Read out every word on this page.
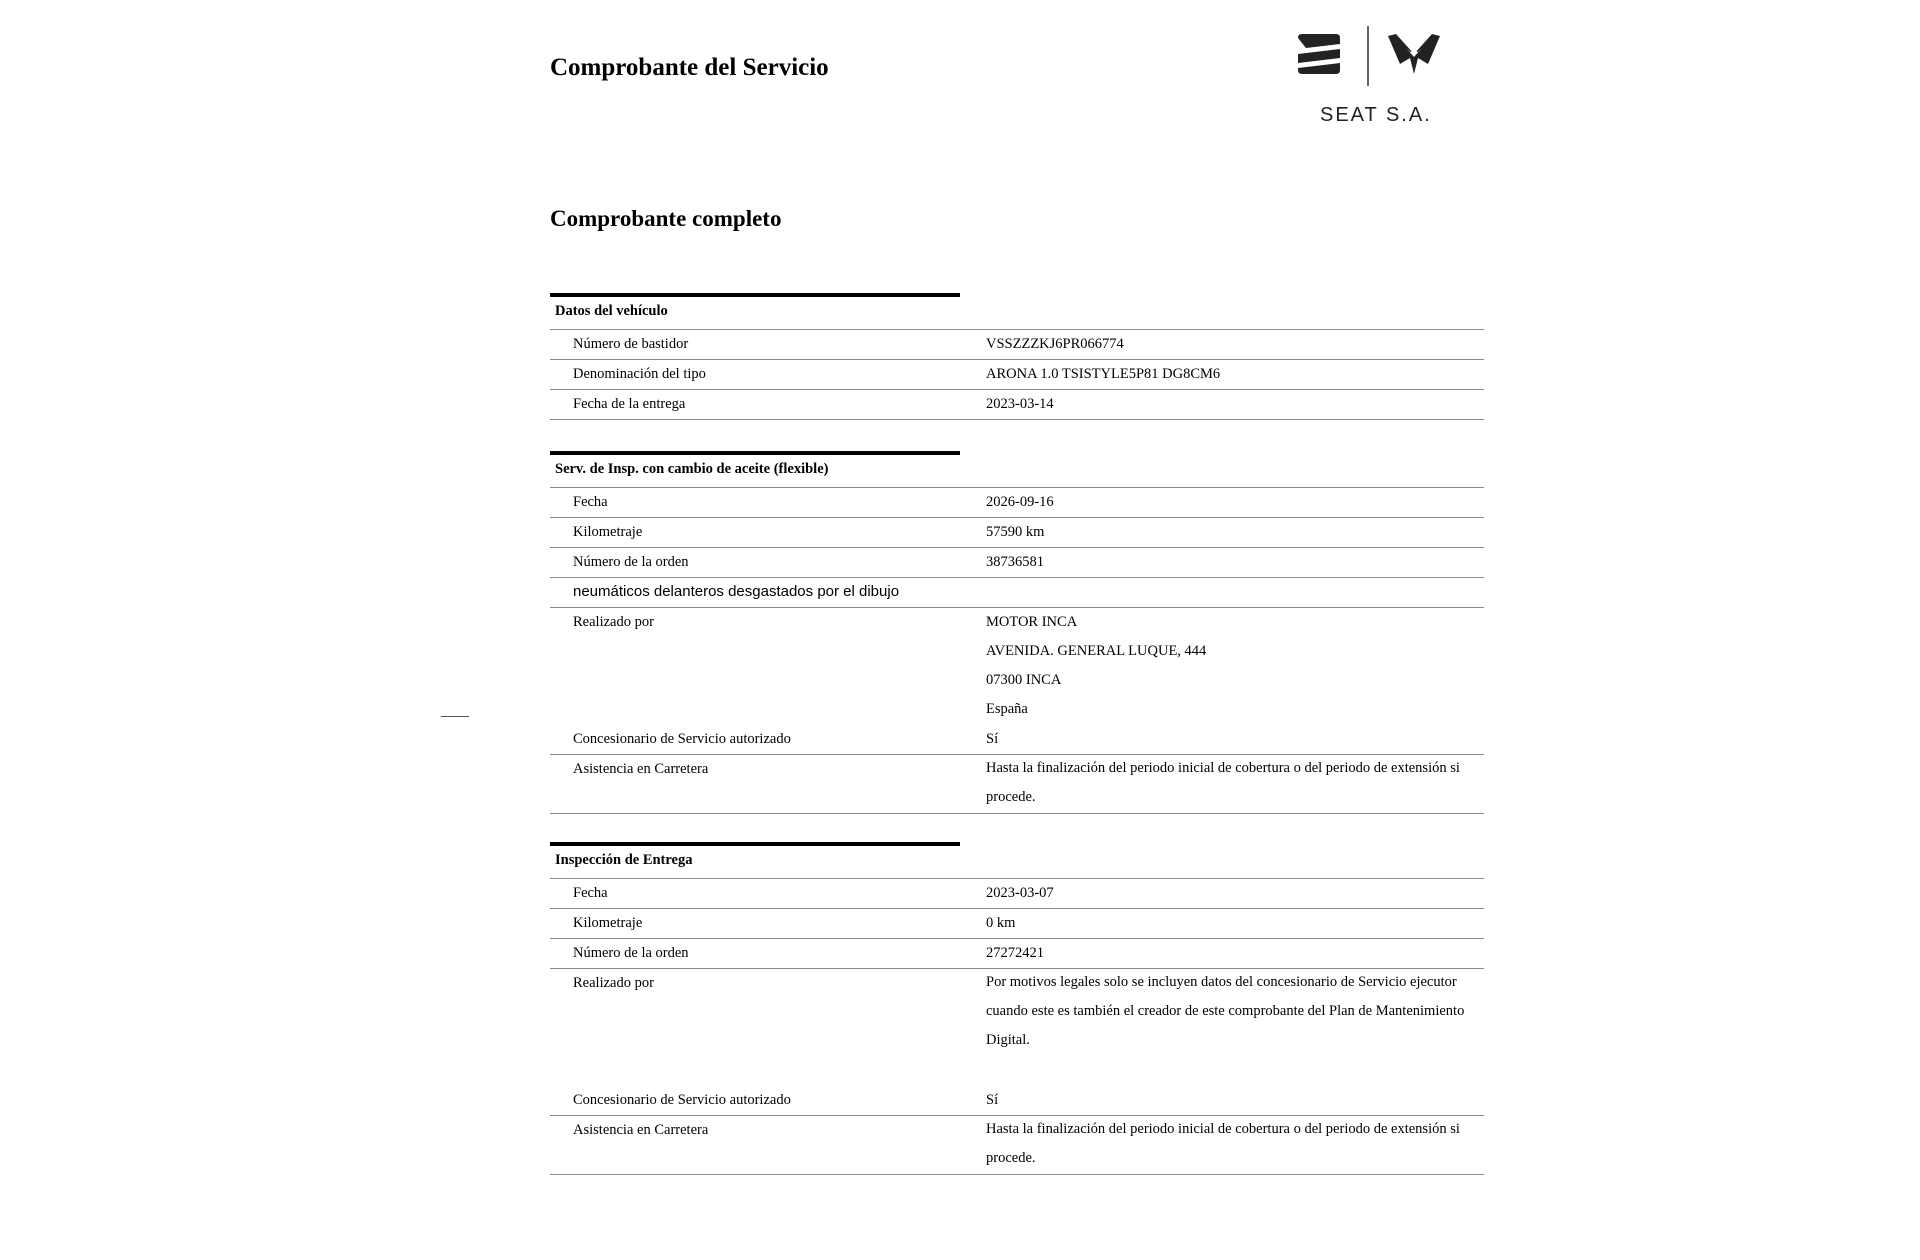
Comprobante del Servicio
SEAT S.A.
Comprobante completo
Datos del vehículo
Número de bastidor	VSSZZZKJ6PR066774
Denominación del tipo	ARONA 1.0 TSISTYLE5P81 DG8CM6
Fecha de la entrega	2023-03-14
Serv. de Insp. con cambio de aceite (flexible)
Fecha	2026-09-16
Kilometraje	57590 km
Número de la orden	38736581
neumáticos delanteros desgastados por el dibujo
Realizado por	MOTOR INCA
AVENIDA. GENERAL LUQUE, 444
07300 INCA
España
Concesionario de Servicio autorizado	Sí
Asistencia en Carretera	Hasta la finalización del periodo inicial de cobertura o del periodo de extensión si procede.
Inspección de Entrega
Fecha	2023-03-07
Kilometraje	0 km
Número de la orden	27272421
Realizado por	Por motivos legales solo se incluyen datos del concesionario de Servicio ejecutor cuando este es también el creador de este comprobante del Plan de Mantenimiento Digital.
Concesionario de Servicio autorizado	Sí
Asistencia en Carretera	Hasta la finalización del periodo inicial de cobertura o del periodo de extensión si procede.
